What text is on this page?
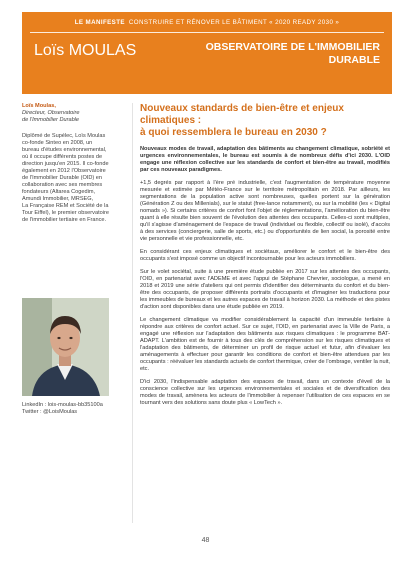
LE MANIFESTE CONSTRUIRE ET RÉNOVER LE BÂTIMENT « 2020 READY 2030 »
Loïs MOULAS	OBSERVATOIRE DE L'IMMOBILIER
DURABLE
Loïs Moulas,
Directeur, Observatoire
de l'Immobilier Durable
Diplômé de Supélec, Loïs Moulas
co-fonde Sinteo en 2008, un
bureau d'études environnemental,
où il occupe différents postes de
direction jusqu'en 2015. Il co-fonde
également en 2012 l'Observatoire
de l'Immobilier Durable (OID) en
collaboration avec ses membres
fondateurs (Altarea Cogedim,
Amundi Immobilier, MRSEG,
La Française REM et Société de la
Tour Eiffel), le premier observatoire
de l'immobilier tertiaire en France.
LinkedIn : lois-moulas-bb35100a
Twitter : @LoisMoulas
Nouveaux standards de bien-être et enjeux climatiques :
à quoi ressemblera le bureau en 2030 ?

Nouveaux modes de travail, adaptation des bâtiments au changement climatique, sobriété et urgences environnementales, le bureau est soumis à de nombreux défis d'ici 2030. L'OID engage une réflexion collective sur les standards de confort et bien-être au travail, modifiés par ces nouveaux paradigmes.

+1,5 degrés par rapport à l'ère pré industrielle, c'est l'augmentation de température moyenne mesurée et estimée par Météo-France sur le territoire métropolitain en 2018. Par ailleurs, les segmentations de la population active sont nombreuses, quelles portent sur la génération (Génération Z ou des Millenials), sur le statut (free-lance notamment), ou sur la mobilité (les « Digital nomads »). Si certains critères de confort font l'objet de réglementations, l'amélioration du bien-être quant à elle résulte bien souvent de l'évolution des attentes des occupants. Celles-ci sont multiples, qu'il s'agisse d'aménagement de l'espace de travail (individuel ou flexible, collectif ou isolé), d'accès à des services (conciergerie, salle de sports, etc.) ou d'opportunités de lien social, la porosité entre vie personnelle et vie professionnelle, etc.

En considérant ces enjeux climatiques et sociétaux, améliorer le confort et le bien-être des occupants s'est imposé comme un objectif incontournable pour les acteurs immobiliers.

Sur le volet sociétal, suite à une première étude publiée en 2017 sur les attentes des occupants, l'OID, en partenariat avec l'ADEME et avec l'appui de Stéphane Chevrier, sociologue, a mené en 2018 et 2019 une série d'ateliers qui ont permis d'identifier des déterminants du confort et du bien-être des occupants, de proposer différents portraits d'occupants et d'imaginer les traductions pour les immeubles de bureaux et les autres espaces de travail à horizon 2030. La méthode et des pistes d'action sont disponibles dans une étude publiée en 2019.

Le changement climatique va modifier considérablement la capacité d'un immeuble tertiaire à répondre aux critères de confort actuel. Sur ce sujet, l'OID, en partenariat avec la Ville de Paris, a engagé une réflexion sur l'adaptation des bâtiments aux risques climatiques : le programme BAT-ADAPT. L'ambition est de fournir à tous des clés de compréhension sur les risques climatiques et l'adaptation des bâtiments, de déterminer un profil de risque actuel et futur, afin d'évaluer les aménagements à effectuer pour garantir les conditions de confort et bien-être attendues par les occupants : réévaluer les standards actuels de confort thermique, créer de l'ombrage, ventiler la nuit, etc.

D'ici 2030, l'indispensable adaptation des espaces de travail, dans un contexte d'éveil de la conscience collective sur les urgences environnementales et sociales et de diversification des modes de travail, amènera les acteurs de l'immobilier à repenser l'utilisation de ces espaces en se tournant vers des solutions sans doute plus « LowTech ».

48
